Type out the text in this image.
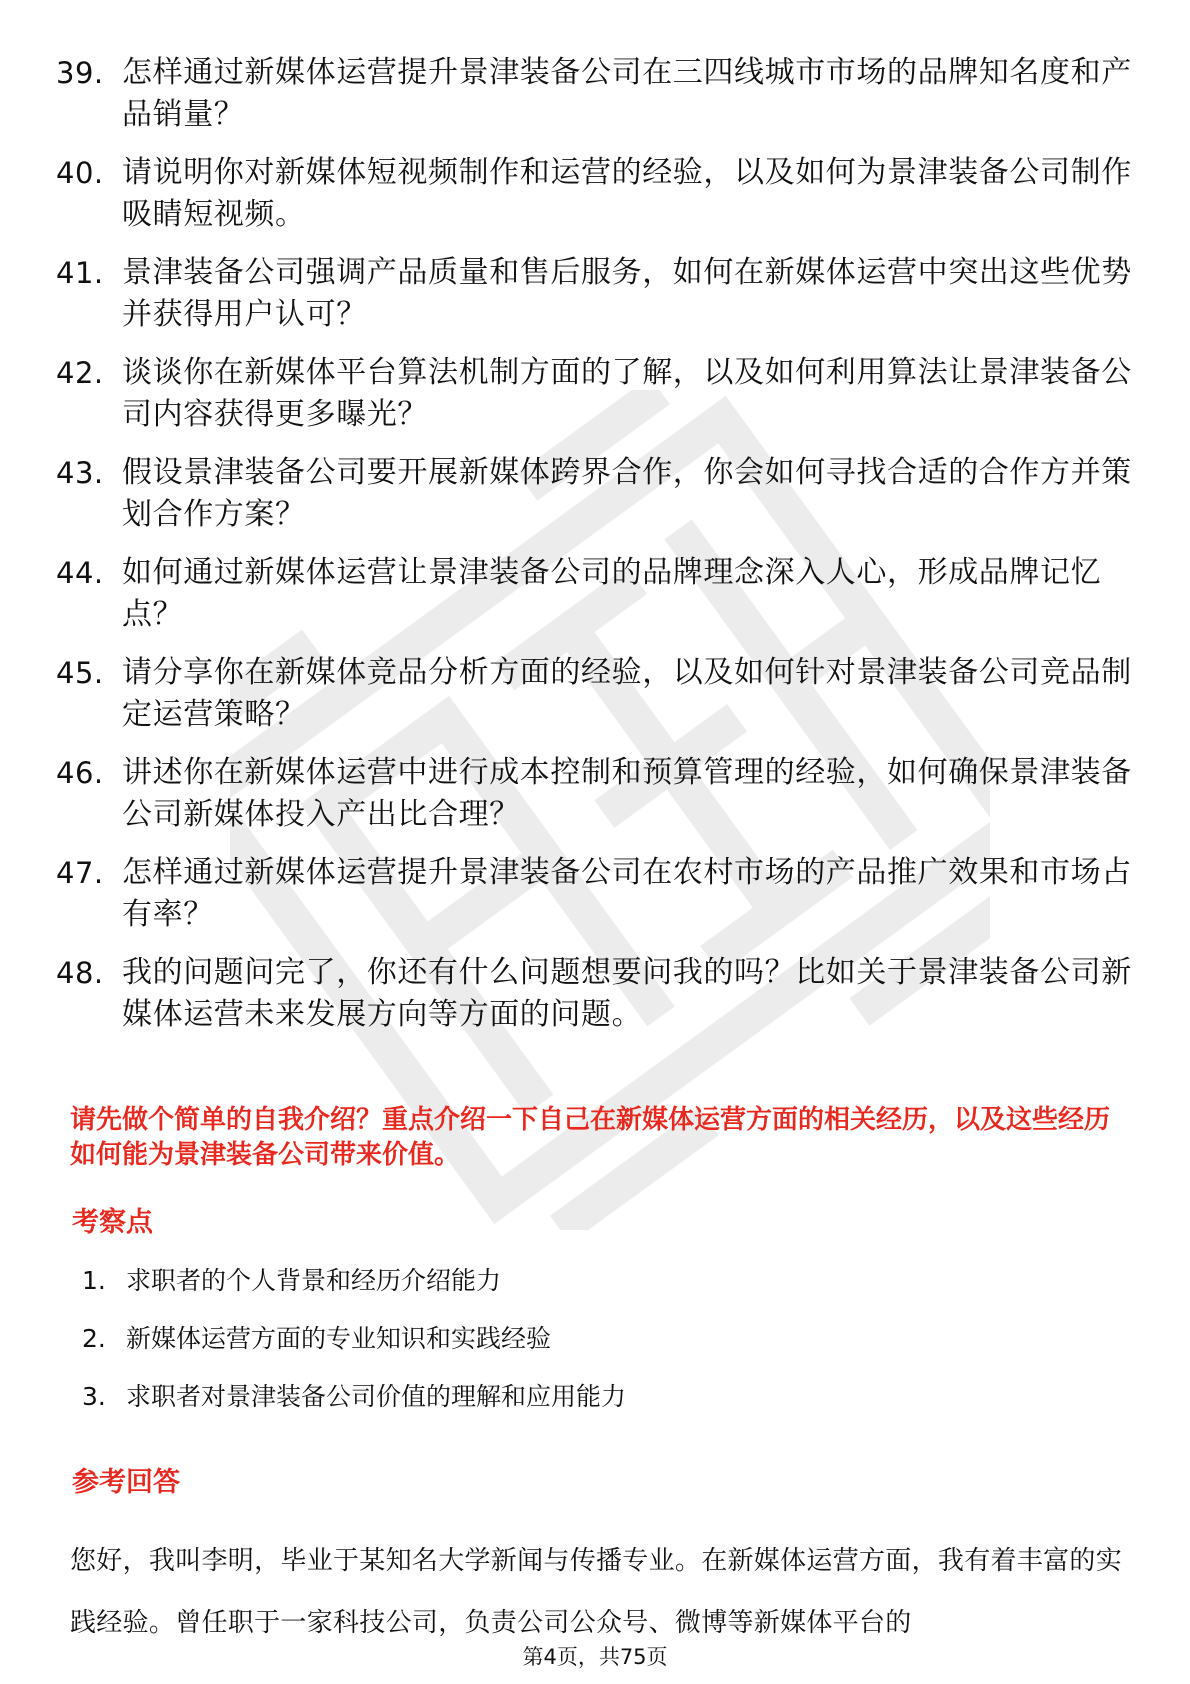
39. 怎样通过新媒体运营提升景津装备公司在三四线城市市场的品牌知名度和产品销量？
40. 请说明你对新媒体短视频制作和运营的经验，以及如何为景津装备公司制作吸睛短视频。
41. 景津装备公司强调产品质量和售后服务，如何在新媒体运营中突出这些优势并获得用户认可？
42. 谈谈你在新媒体平台算法机制方面的了解，以及如何利用算法让景津装备公司内容获得更多曝光？
43. 假设景津装备公司要开展新媒体跨界合作，你会如何寻找合适的合作方并策划合作方案？
44. 如何通过新媒体运营让景津装备公司的品牌理念深入人心，形成品牌记忆点？
45. 请分享你在新媒体竞品分析方面的经验，以及如何针对景津装备公司竞品制定运营策略？
46. 讲述你在新媒体运营中进行成本控制和预算管理的经验，如何确保景津装备公司新媒体投入产出比合理？
47. 怎样通过新媒体运营提升景津装备公司在农村市场的产品推广效果和市场占有率？
48. 我的问题问完了，你还有什么问题想要问我的吗？比如关于景津装备公司新媒体运营未来发展方向等方面的问题。
请先做个简单的自我介绍？重点介绍一下自己在新媒体运营方面的相关经历，以及这些经历如何能为景津装备公司带来价值。
考察点
1. 求职者的个人背景和经历介绍能力
2. 新媒体运营方面的专业知识和实践经验
3. 求职者对景津装备公司价值的理解和应用能力
参考回答
您好，我叫李明，毕业于某知名大学新闻与传播专业。在新媒体运营方面，我有着丰富的实践经验。曾任职于一家科技公司，负责公司公众号、微博等新媒体平台的
第4页，共75页
